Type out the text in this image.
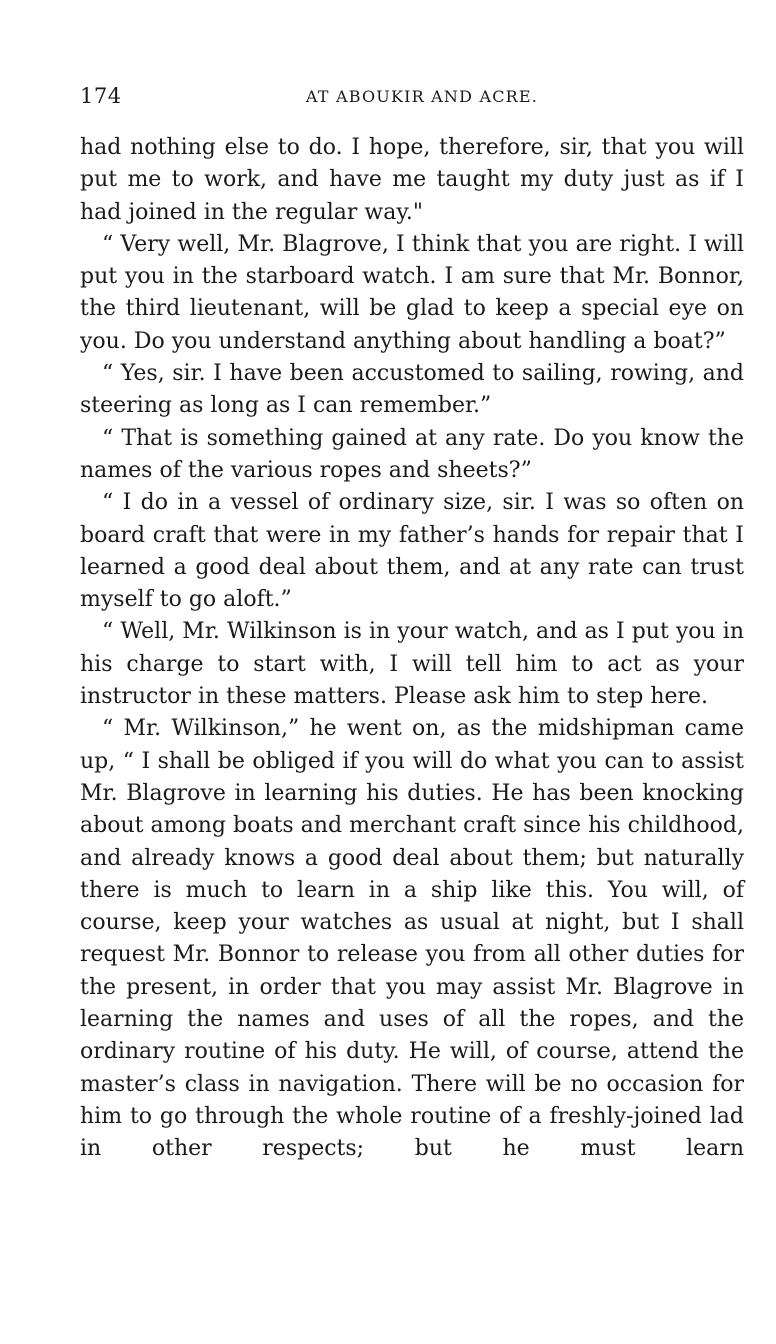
174	AT ABOUKIR AND ACRE.

had nothing else to do. I hope, therefore, sir, that you will put me to work, and have me taught my duty just as if I had joined in the regular way."

“ Very well, Mr. Blagrove, I think that you are right. I will put you in the starboard watch. I am sure that Mr. Bonnor, the third lieutenant, will be glad to keep a special eye on you. Do you understand anything about handling a boat?”

“ Yes, sir. I have been accustomed to sailing, rowing, and steering as long as I can remember.”

“ That is something gained at any rate. Do you know the names of the various ropes and sheets?”

“ I do in a vessel of ordinary size, sir. I was so often on board craft that were in my father’s hands for repair that I learned a good deal about them, and at any rate can trust myself to go aloft.”

“ Well, Mr. Wilkinson is in your watch, and as I put you in his charge to start with, I will tell him to act as your instructor in these matters. Please ask him to step here.

“ Mr. Wilkinson,” he went on, as the midshipman came up, “ I shall be obliged if you will do what you can to assist Mr. Blagrove in learning his duties. He has been knocking about among boats and merchant craft since his childhood, and already knows a good deal about them; but naturally there is much to learn in a ship like this. You will, of course, keep your watches as usual at night, but I shall request Mr. Bonnor to release you from all other duties for the present, in order that you may assist Mr. Blagrove in learning the names and uses of all the ropes, and the ordinary routine of his duty. He will, of course, attend the master’s class in navigation. There will be no occasion for him to go through the whole routine of a freshly-joined lad in other respects; but he must learn
